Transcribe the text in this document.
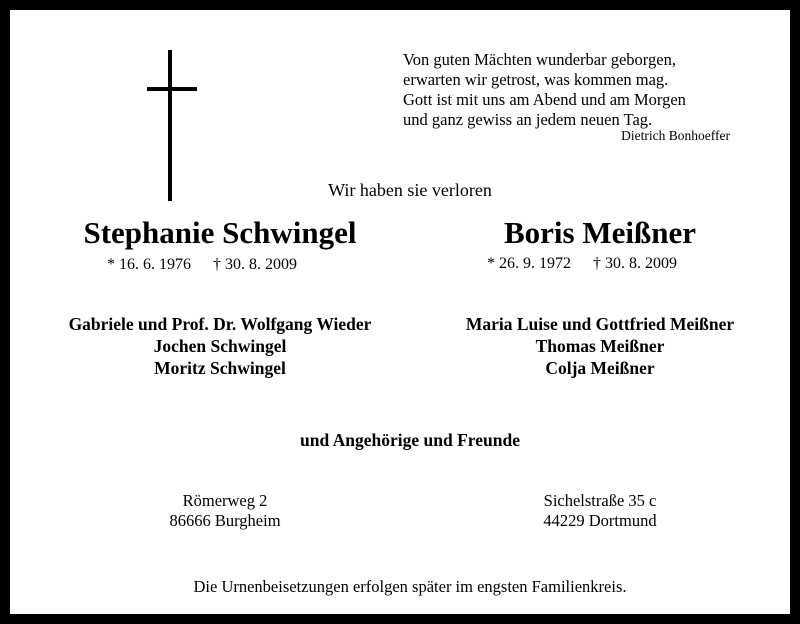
Von guten Mächten wunderbar geborgen,
erwarten wir getrost, was kommen mag.
Gott ist mit uns am Abend und am Morgen
und ganz gewiss an jedem neuen Tag.
Dietrich Bonhoeffer
Wir haben sie verloren
Stephanie Schwingel
* 16. 6. 1976 † 30. 8. 2009
Boris Meißner
* 26. 9. 1972 † 30. 8. 2009
Gabriele und Prof. Dr. Wolfgang Wieder
Jochen Schwingel
Moritz Schwingel
Maria Luise und Gottfried Meißner
Thomas Meißner
Colja Meißner
und Angehörige und Freunde
Römerweg 2
86666 Burgheim
Sichelstraße 35 c
44229 Dortmund
Die Urnenbeisetzungen erfolgen später im engsten Familienkreis.
